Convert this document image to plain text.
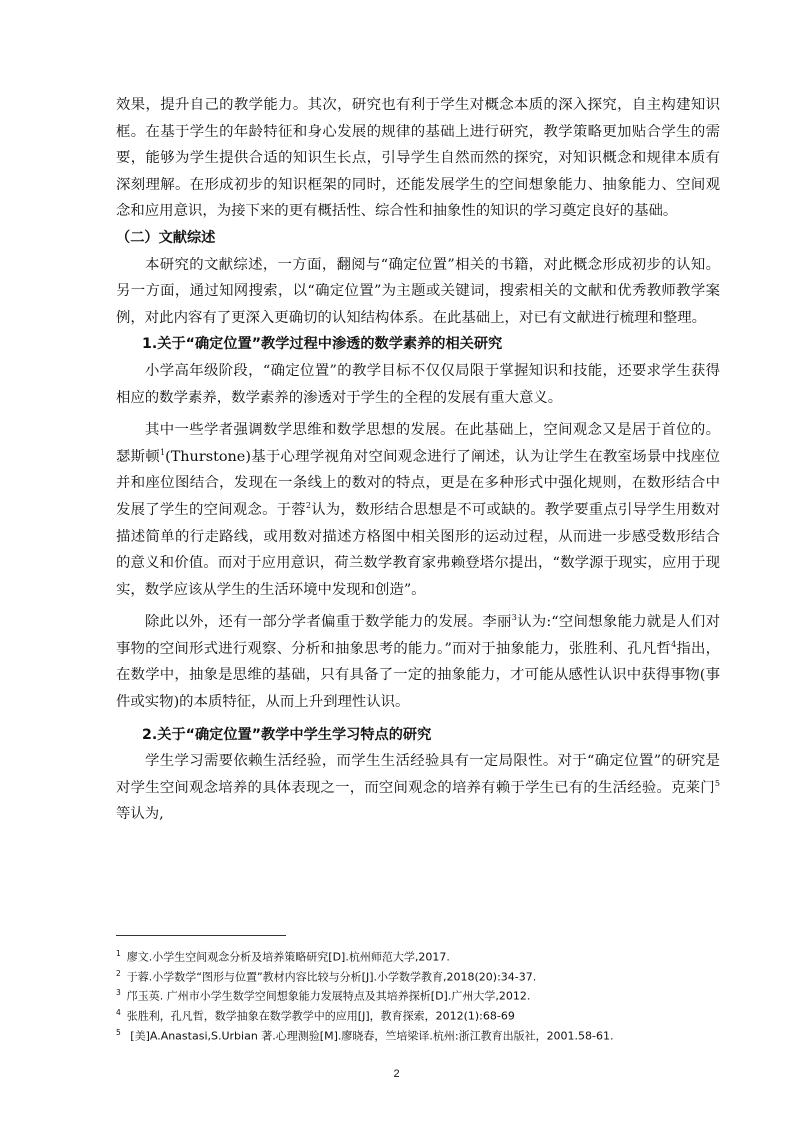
效果，提升自己的教学能力。其次，研究也有利于学生对概念本质的深入探究，自主构建知识框。在基于学生的年龄特征和身心发展的规律的基础上进行研究，教学策略更加贴合学生的需要，能够为学生提供合适的知识生长点，引导学生自然而然的探究，对知识概念和规律本质有深刻理解。在形成初步的知识框架的同时，还能发展学生的空间想象能力、抽象能力、空间观念和应用意识，为接下来的更有概括性、综合性和抽象性的知识的学习奠定良好的基础。

（二）文献综述

本研究的文献综述，一方面，翻阅与“确定位置”相关的书籍，对此概念形成初步的认知。另一方面，通过知网搜索，以“确定位置”为主题或关键词，搜索相关的文献和优秀教师教学案例，对此内容有了更深入更确切的认知结构体系。在此基础上，对已有文献进行梳理和整理。

1.关于“确定位置”教学过程中渗透的数学素养的相关研究

小学高年级阶段，“确定位置”的教学目标不仅仅局限于掌握知识和技能，还要求学生获得相应的数学素养，数学素养的渗透对于学生的全程的发展有重大意义。

其中一些学者强调数学思维和数学思想的发展。在此基础上，空间观念又是居于首位的。瑟斯顿$^1$(Thurstone)基于心理学视角对空间观念进行了阐述，认为让学生在教室场景中找座位并和座位图结合，发现在一条线上的数对的特点，更是在多种形式中强化规则，在数形结合中发展了学生的空间观念。于蓉$^2$认为，数形结合思想是不可或缺的。教学要重点引导学生用数对描述简单的行走路线，或用数对描述方格图中相关图形的运动过程，从而进一步感受数形结合的意义和价值。而对于应用意识，荷兰数学教育家弗赖登塔尔提出，“数学源于现实，应用于现实，数学应该从学生的生活环境中发现和创造”。

除此以外，还有一部分学者偏重于数学能力的发展。李丽$^3$认为:“空间想象能力就是人们对事物的空间形式进行观察、分析和抽象思考的能力。”而对于抽象能力，张胜利、孔凡哲$^4$指出，在数学中，抽象是思维的基础，只有具备了一定的抽象能力，才可能从感性认识中获得事物(事件或实物)的本质特征，从而上升到理性认识。

2.关于“确定位置”教学中学生学习特点的研究

学生学习需要依赖生活经验，而学生生活经验具有一定局限性。对于“确定位置”的研究是对学生空间观念培养的具体表现之一，而空间观念的培养有赖于学生已有的生活经验。克莱门$^5$等认为,

$^1$ 廖文.小学生空间观念分析及培养策略研究[D].杭州师范大学,2017.
$^2$ 于蓉.小学数学“图形与位置”教材内容比较与分析[J].小学数学教育,2018(20):34-37.
$^3$ 邝玉英. 广州市小学生数学空间想象能力发展特点及其培养探析[D].广州大学,2012.
$^4$ 张胜利，孔凡哲，数学抽象在数学教学中的应用[J]，教育探索，2012(1):68-69
$^5$ [美]A.Anastasi,S.Urbian 著.心理测验[M].廖晓春，竺培梁译.杭州:浙江教育出版社，2001.58-61.
2
